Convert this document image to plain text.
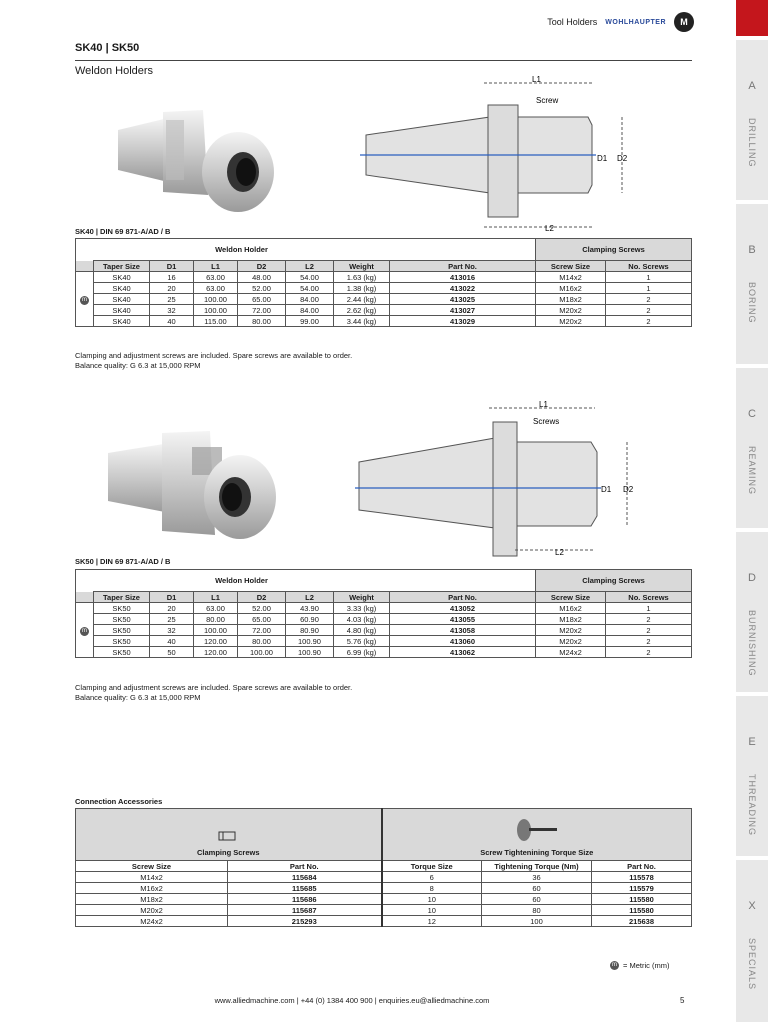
Tool Holders WOHLHAUPTER	M
SK40 | SK50
Weldon Holders
A
DRILLING
B
BORING
C
REAMING
D
BURNISHING
E
THREADING
X
SPECIALS
L1
Screw
L2
D1 D2
SK40 | DIN 69 871-A/AD / B
	Weldon Holder							Clamping Screws	
	Taper Size	D1	L1	D2	L2	Weight	Part No.	Screw Size	No. Screws
m	SK40	16	63.00	48.00	54.00	1.63 (kg)	413016	M14x2	1
	SK40	20	63.00	52.00	54.00	1.38 (kg)	413022	M16x2	1
	SK40	25	100.00	65.00	84.00	2.44 (kg)	413025	M18x2	2
	SK40	32	100.00	72.00	84.00	2.62 (kg)	413027	M20x2	2
	SK40	40	115.00	80.00	99.00	3.44 (kg)	413029	M20x2	2
Clamping and adjustment screws are included. Spare screws are available to order.
Balance quality: G 6.3 at 15,000 RPM
L1
Screws
L2
D1 D2
SK50 | DIN 69 871-A/AD / B
	Weldon Holder							Clamping Screws	
	Taper Size	D1	L1	D2	L2	Weight	Part No.	Screw Size	No. Screws
m	SK50	20	63.00	52.00	43.90	3.33 (kg)	413052	M16x2	1
	SK50	25	80.00	65.00	60.90	4.03 (kg)	413055	M18x2	2
	SK50	32	100.00	72.00	80.90	4.80 (kg)	413058	M20x2	2
	SK50	40	120.00	80.00	100.90	5.76 (kg)	413060	M20x2	2
	SK50	50	120.00	100.00	100.90	6.99 (kg)	413062	M24x2	2
Clamping and adjustment screws are included. Spare screws are available to order.
Balance quality: G 6.3 at 15,000 RPM
Connection Accessories
Clamping Screws		Screw Tightenining Torque Size		
Screw Size	Part No.	Torque Size	Tightening Torque (Nm)	Part No.
M14x2	115684	6	36	115578
M16x2	115685	8	60	115579
M18x2	115686	10	60	115580
M20x2	115687	10	80	115580
M24x2	215293	12	100	215638
m = Metric (mm)
www.alliedmachine.com | +44 (0) 1384 400 900 | enquiries.eu@alliedmachine.com	5
